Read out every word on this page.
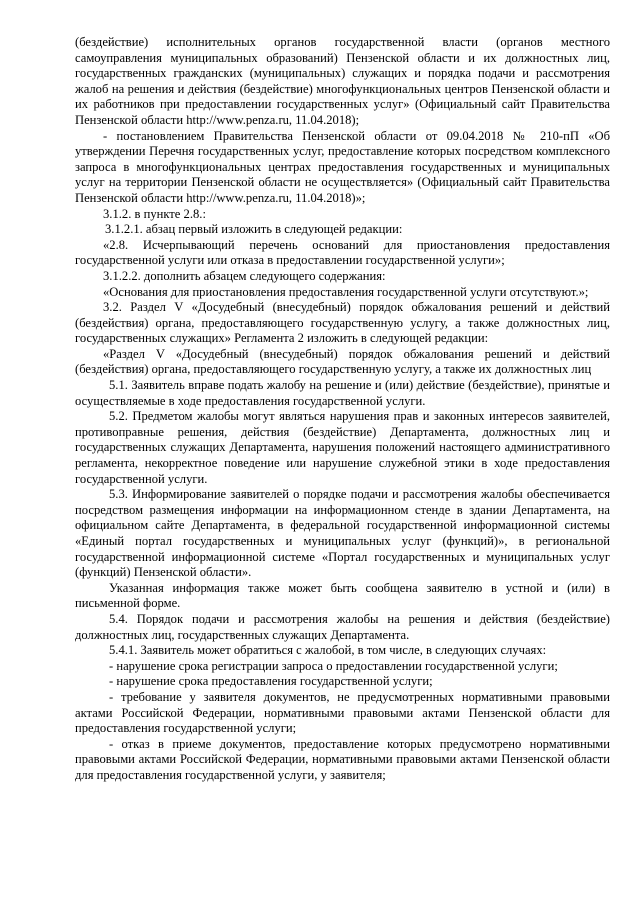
(бездействие) исполнительных органов государственной власти (органов местного самоуправления муниципальных образований) Пензенской области и их должностных лиц, государственных гражданских (муниципальных) служащих и порядка подачи и рассмотрения жалоб на решения и действия (бездействие) многофункциональных центров Пензенской области и их работников при предоставлении государственных услуг» (Официальный сайт Правительства Пензенской области http://www.penza.ru, 11.04.2018);

- постановлением Правительства Пензенской области от 09.04.2018 № 210-пП «Об утверждении Перечня государственных услуг, предоставление которых посредством комплексного запроса в многофункциональных центрах предоставления государственных и муниципальных услуг на территории Пензенской области не осуществляется» (Официальный сайт Правительства Пензенской области http://www.penza.ru, 11.04.2018)»;

3.1.2. в пункте 2.8.:

3.1.2.1. абзац первый изложить в следующей редакции:

«2.8. Исчерпывающий перечень оснований для приостановления предоставления государственной услуги или отказа в предоставлении государственной услуги»;

3.1.2.2. дополнить абзацем следующего содержания:

«Основания для приостановления предоставления государственной услуги отсутствуют.»;

3.2. Раздел V «Досудебный (внесудебный) порядок обжалования решений и действий (бездействия) органа, предоставляющего государственную услугу, а также должностных лиц, государственных служащих» Регламента 2 изложить в следующей редакции:

«Раздел V «Досудебный (внесудебный) порядок обжалования решений и действий (бездействия) органа, предоставляющего государственную услугу, а также их должностных лиц

5.1. Заявитель вправе подать жалобу на решение и (или) действие (бездействие), принятые и осуществляемые в ходе предоставления государственной услуги.

5.2. Предметом жалобы могут являться нарушения прав и законных интересов заявителей, противоправные решения, действия (бездействие) Департамента, должностных лиц и государственных служащих Департамента, нарушения положений настоящего административного регламента, некорректное поведение или нарушение служебной этики в ходе предоставления государственной услуги.

5.3. Информирование заявителей о порядке подачи и рассмотрения жалобы обеспечивается посредством размещения информации на информационном стенде в здании Департамента, на официальном сайте Департамента, в федеральной государственной информационной системы «Единый портал государственных и муниципальных услуг (функций)», в региональной государственной информационной системе «Портал государственных и муниципальных услуг (функций) Пензенской области».

Указанная информация также может быть сообщена заявителю в устной и (или) в письменной форме.

5.4. Порядок подачи и рассмотрения жалобы на решения и действия (бездействие) должностных лиц, государственных служащих Департамента.

5.4.1. Заявитель может обратиться с жалобой, в том числе, в следующих случаях:

- нарушение срока регистрации запроса о предоставлении государственной услуги;

- нарушение срока предоставления государственной услуги;

- требование у заявителя документов, не предусмотренных нормативными правовыми актами Российской Федерации, нормативными правовыми актами Пензенской области для предоставления государственной услуги;

- отказ в приеме документов, предоставление которых предусмотрено нормативными правовыми актами Российской Федерации, нормативными правовыми актами Пензенской области для предоставления государственной услуги, у заявителя;
